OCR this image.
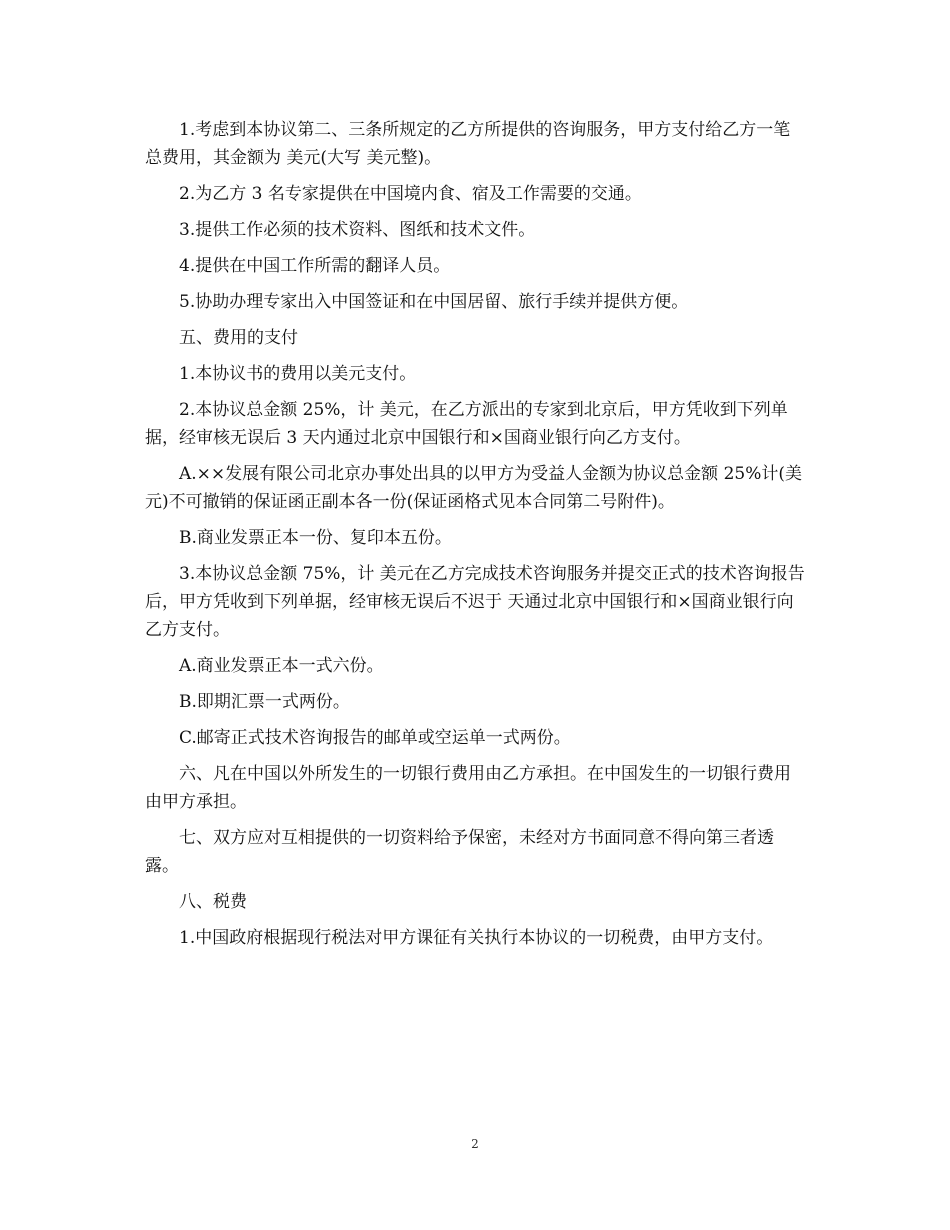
1.考虑到本协议第二、三条所规定的乙方所提供的咨询服务，甲方支付给乙方一笔总费用，其金额为 美元(大写 美元整)。

2.为乙方 3 名专家提供在中国境内食、宿及工作需要的交通。

3.提供工作必须的技术资料、图纸和技术文件。

4.提供在中国工作所需的翻译人员。

5.协助办理专家出入中国签证和在中国居留、旅行手续并提供方便。

五、费用的支付

1.本协议书的费用以美元支付。

2.本协议总金额 25%，计 美元，在乙方派出的专家到北京后，甲方凭收到下列单据，经审核无误后 3 天内通过北京中国银行和×国商业银行向乙方支付。

A.××发展有限公司北京办事处出具的以甲方为受益人金额为协议总金额 25%计(美元)不可撤销的保证函正副本各一份(保证函格式见本合同第二号附件)。

B.商业发票正本一份、复印本五份。

3.本协议总金额 75%，计 美元在乙方完成技术咨询服务并提交正式的技术咨询报告后，甲方凭收到下列单据，经审核无误后不迟于 天通过北京中国银行和×国商业银行向乙方支付。

A.商业发票正本一式六份。

B.即期汇票一式两份。

C.邮寄正式技术咨询报告的邮单或空运单一式两份。

六、凡在中国以外所发生的一切银行费用由乙方承担。在中国发生的一切银行费用由甲方承担。

七、双方应对互相提供的一切资料给予保密，未经对方书面同意不得向第三者透露。

八、税费

1.中国政府根据现行税法对甲方课征有关执行本协议的一切税费，由甲方支付。

2
